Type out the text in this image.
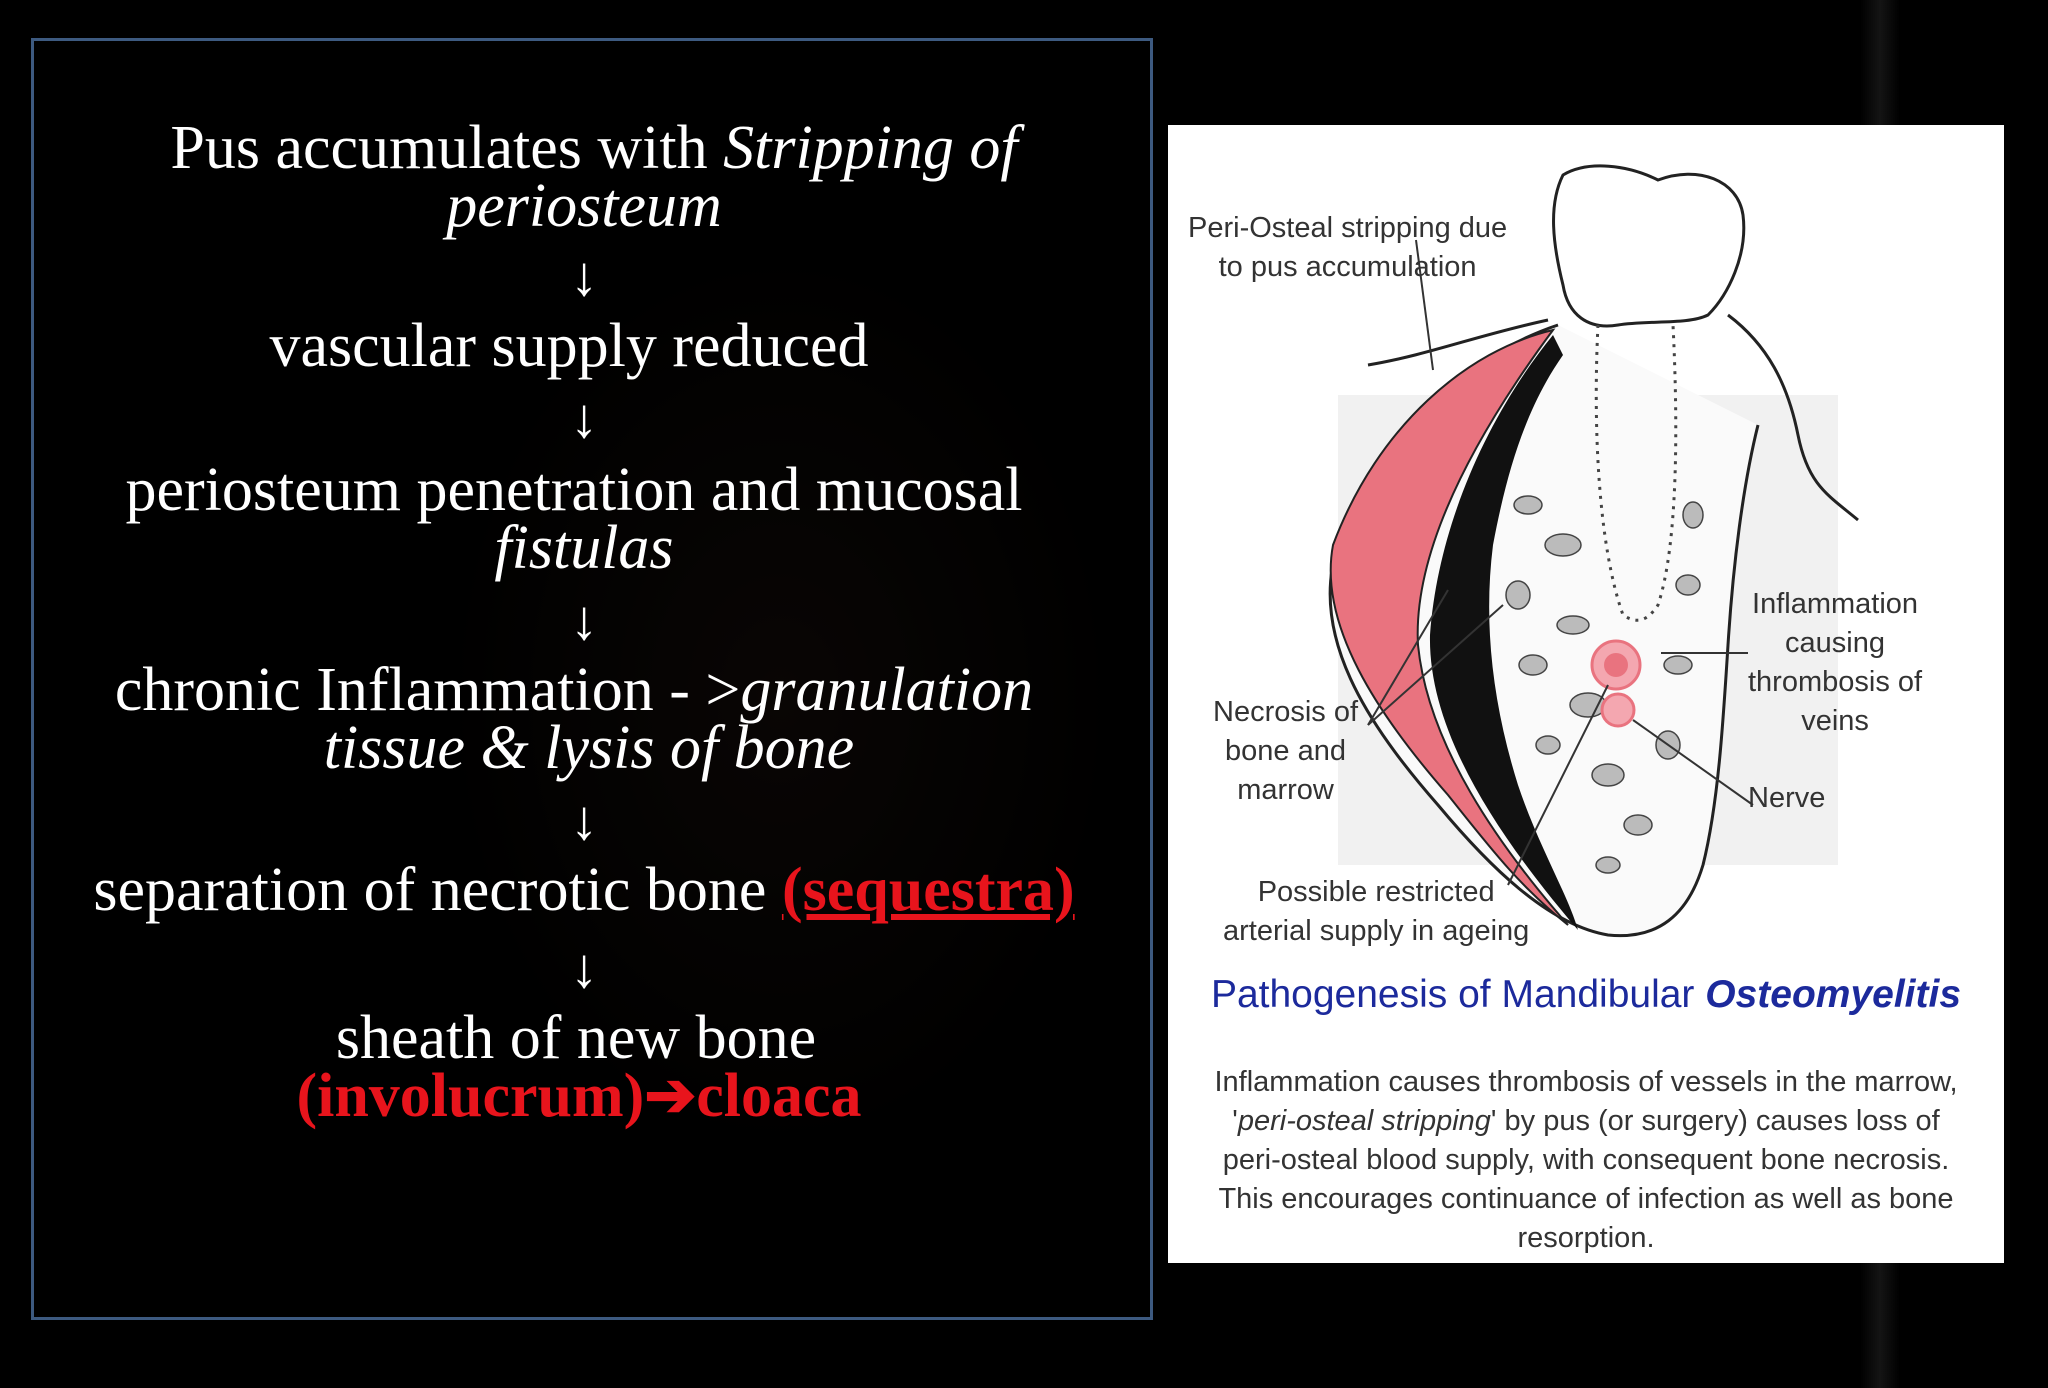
Pus accumulates with Stripping of
periosteum
↓
vascular supply reduced
↓
periosteum penetration and mucosal
fistulas
↓
chronic Inflammation - >granulation
tissue & lysis of bone
↓
separation of necrotic bone (sequestra)
↓
sheath of new bone
(involucrum)➔cloaca
Peri-Osteal stripping due
to pus accumulation
Inflammation
causing
thrombosis of
veins
Necrosis of
bone and
marrow	Nerve
Possible restricted
arterial supply in ageing
Pathogenesis of Mandibular Osteomyelitis
Inflammation causes thrombosis of vessels in the marrow,
'peri-osteal stripping' by pus (or surgery) causes loss of
peri-osteal blood supply, with consequent bone necrosis.
This encourages continuance of infection as well as bone
resorption.
